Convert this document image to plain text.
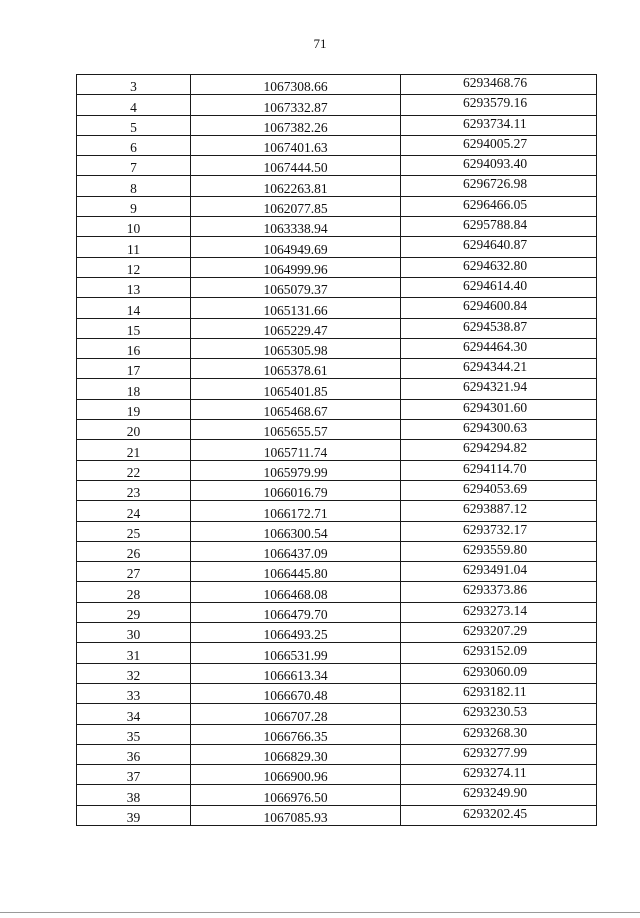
71
3	1067308.66	6293468.76
4	1067332.87	6293579.16
5	1067382.26	6293734.11
6	1067401.63	6294005.27
7	1067444.50	6294093.40
8	1062263.81	6296726.98
9	1062077.85	6296466.05
10	1063338.94	6295788.84
11	1064949.69	6294640.87
12	1064999.96	6294632.80
13	1065079.37	6294614.40
14	1065131.66	6294600.84
15	1065229.47	6294538.87
16	1065305.98	6294464.30
17	1065378.61	6294344.21
18	1065401.85	6294321.94
19	1065468.67	6294301.60
20	1065655.57	6294300.63
21	1065711.74	6294294.82
22	1065979.99	6294114.70
23	1066016.79	6294053.69
24	1066172.71	6293887.12
25	1066300.54	6293732.17
26	1066437.09	6293559.80
27	1066445.80	6293491.04
28	1066468.08	6293373.86
29	1066479.70	6293273.14
30	1066493.25	6293207.29
31	1066531.99	6293152.09
32	1066613.34	6293060.09
33	1066670.48	6293182.11
34	1066707.28	6293230.53
35	1066766.35	6293268.30
36	1066829.30	6293277.99
37	1066900.96	6293274.11
38	1066976.50	6293249.90
39	1067085.93	6293202.45
